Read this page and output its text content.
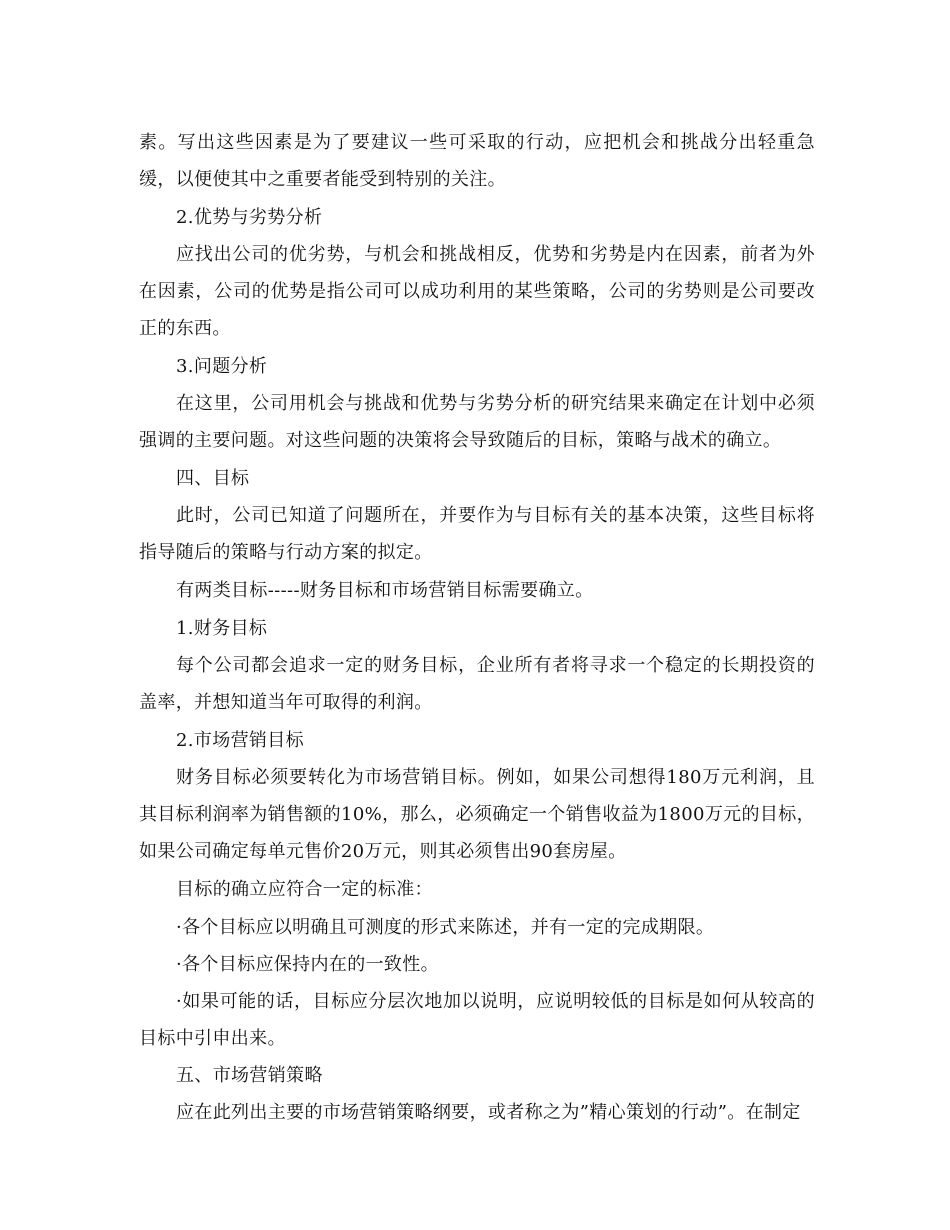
素。写出这些因素是为了要建议一些可采取的行动，应把机会和挑战分出轻重急缓，以便使其中之重要者能受到特别的关注。

2.优势与劣势分析

应找出公司的优劣势，与机会和挑战相反，优势和劣势是内在因素，前者为外在因素，公司的优势是指公司可以成功利用的某些策略，公司的劣势则是公司要改正的东西。

3.问题分析

在这里，公司用机会与挑战和优势与劣势分析的研究结果来确定在计划中必须强调的主要问题。对这些问题的决策将会导致随后的目标，策略与战术的确立。

四、目标

此时，公司已知道了问题所在，并要作为与目标有关的基本决策，这些目标将指导随后的策略与行动方案的拟定。

有两类目标-----财务目标和市场营销目标需要确立。

1.财务目标

每个公司都会追求一定的财务目标，企业所有者将寻求一个稳定的长期投资的盖率，并想知道当年可取得的利润。

2.市场营销目标

财务目标必须要转化为市场营销目标。例如，如果公司想得180万元利润，且其目标利润率为销售额的10%，那么，必须确定一个销售收益为1800万元的目标，如果公司确定每单元售价20万元，则其必须售出90套房屋。

目标的确立应符合一定的标准：

·各个目标应以明确且可测度的形式来陈述，并有一定的完成期限。

·各个目标应保持内在的一致性。

·如果可能的话，目标应分层次地加以说明，应说明较低的目标是如何从较高的目标中引申出来。

五、市场营销策略

应在此列出主要的市场营销策略纲要，或者称之为”精心策划的行动”。在制定
